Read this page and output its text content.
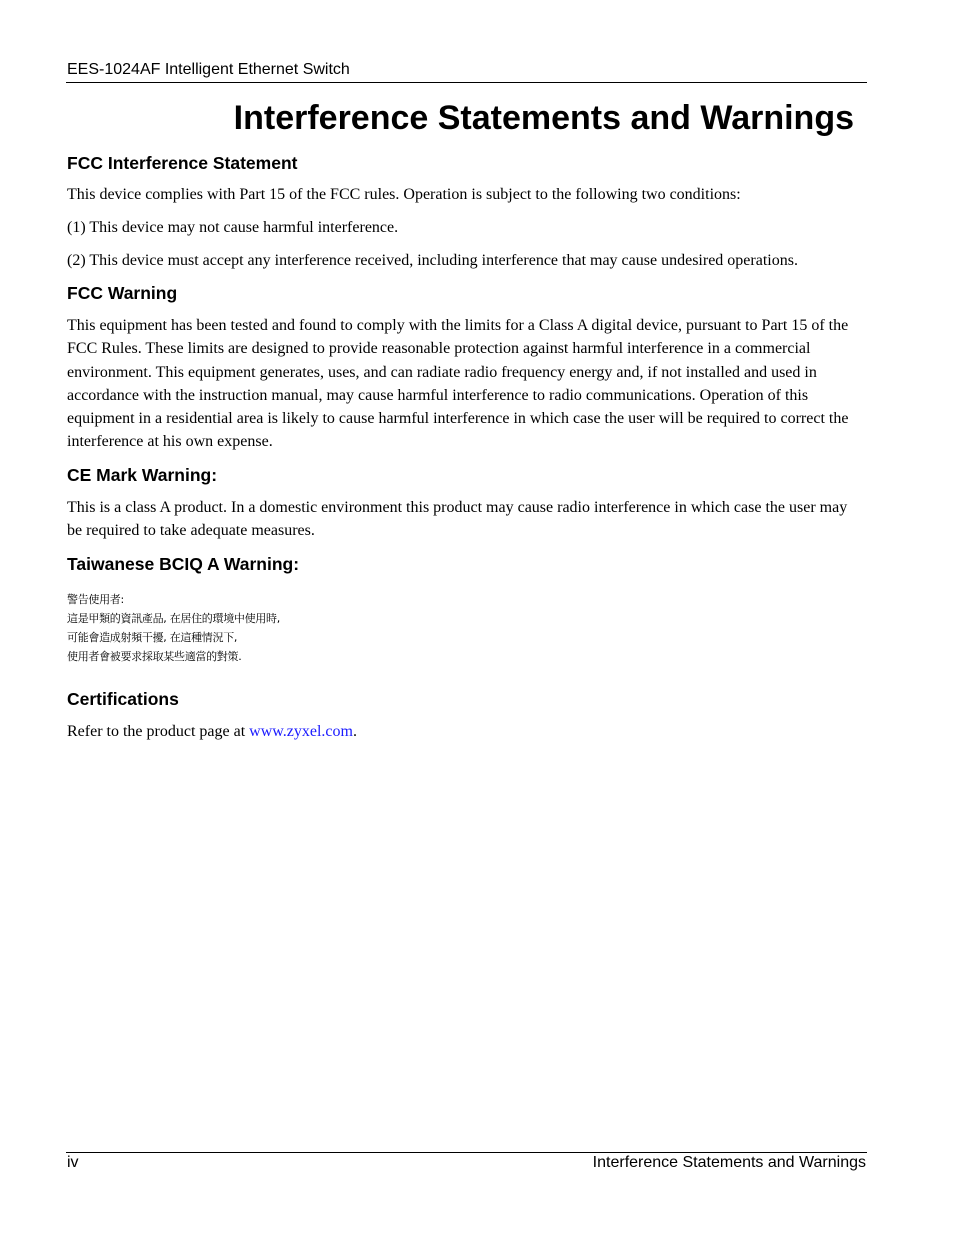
EES-1024AF Intelligent Ethernet Switch
Interference Statements and Warnings
FCC Interference Statement

This device complies with Part 15 of the FCC rules. Operation is subject to the following two conditions:

(1) This device may not cause harmful interference.

(2) This device must accept any interference received, including interference that may cause undesired operations.

FCC Warning

This equipment has been tested and found to comply with the limits for a Class A digital device, pursuant to Part 15 of the FCC Rules. These limits are designed to provide reasonable protection against harmful interference in a commercial environment. This equipment generates, uses, and can radiate radio frequency energy and, if not installed and used in accordance with the instruction manual, may cause harmful interference to radio communications. Operation of this equipment in a residential area is likely to cause harmful interference in which case the user will be required to correct the interference at his own expense.

CE Mark Warning:

This is a class A product. In a domestic environment this product may cause radio interference in which case the user may be required to take adequate measures.

Taiwanese BCIQ A Warning:
警告使用者:
這是甲類的資訊產品, 在居住的環境中使用時,
可能會造成射頻干擾, 在這種情況下,
使用者會被要求採取某些適當的對策.
Certifications

Refer to the product page at www.zyxel.com.

iv	Interference Statements and Warnings
